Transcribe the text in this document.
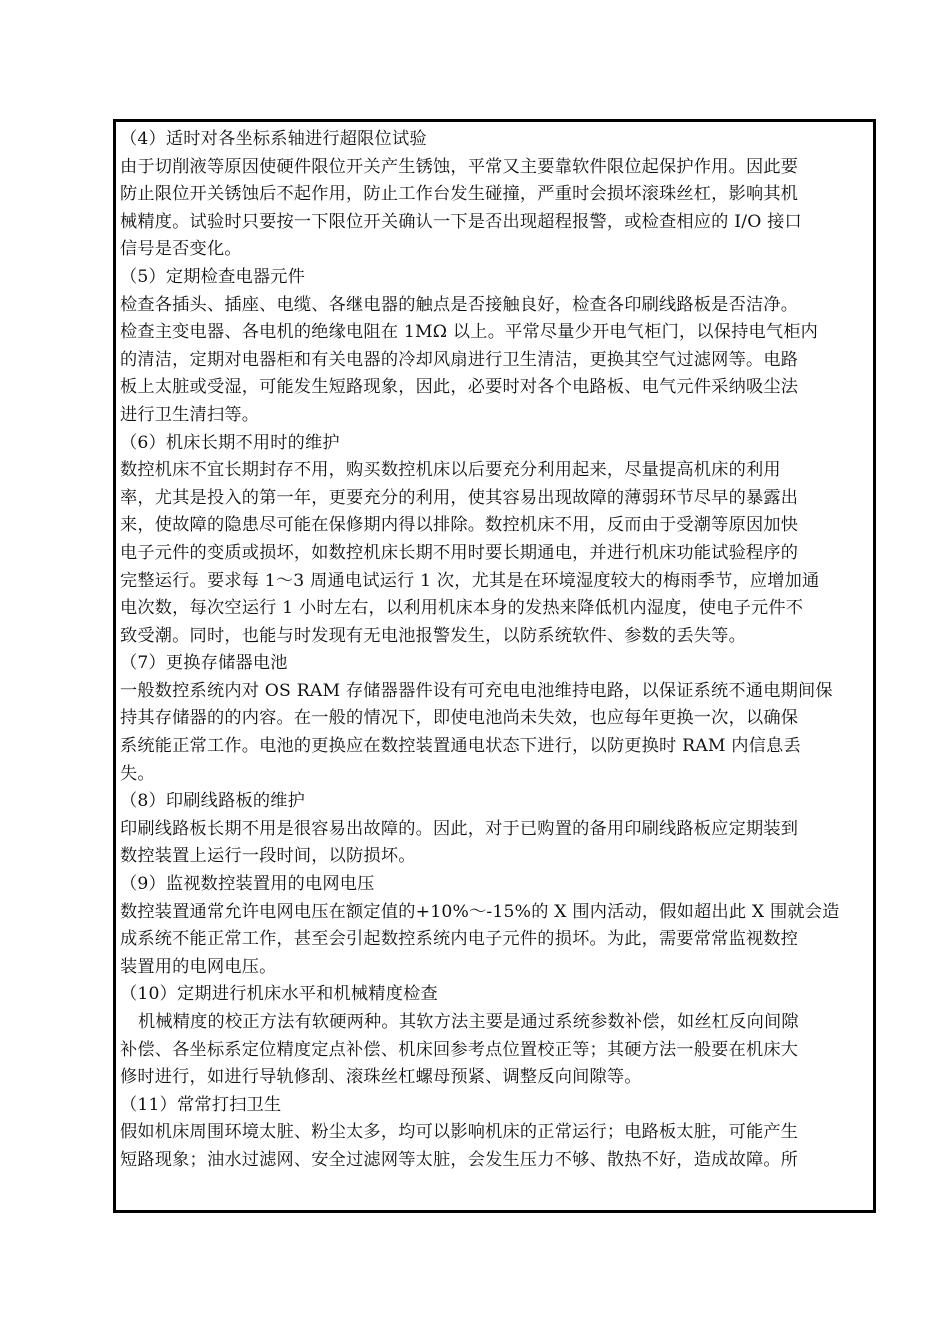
（4）适时对各坐标系轴进行超限位试验
由于切削液等原因使硬件限位开关产生锈蚀，平常又主要靠软件限位起保护作用。因此要
防止限位开关锈蚀后不起作用，防止工作台发生碰撞，严重时会损坏滚珠丝杠，影响其机
械精度。试验时只要按一下限位开关确认一下是否出现超程报警，或检查相应的 I/O 接口
信号是否变化。
（5）定期检查电器元件
检查各插头、插座、电缆、各继电器的触点是否接触良好，检查各印刷线路板是否洁净。
检查主变电器、各电机的绝缘电阻在 1MΩ 以上。平常尽量少开电气柜门，以保持电气柜内
的清洁，定期对电器柜和有关电器的冷却风扇进行卫生清洁，更换其空气过滤网等。电路
板上太脏或受湿，可能发生短路现象，因此，必要时对各个电路板、电气元件采纳吸尘法
进行卫生清扫等。
（6）机床长期不用时的维护
数控机床不宜长期封存不用，购买数控机床以后要充分利用起来，尽量提高机床的利用
率，尤其是投入的第一年，更要充分的利用，使其容易出现故障的薄弱环节尽早的暴露出
来，使故障的隐患尽可能在保修期内得以排除。数控机床不用，反而由于受潮等原因加快
电子元件的变质或损坏，如数控机床长期不用时要长期通电，并进行机床功能试验程序的
完整运行。要求每 1～3 周通电试运行 1 次，尤其是在环境湿度较大的梅雨季节，应增加通
电次数，每次空运行 1 小时左右，以利用机床本身的发热来降低机内湿度，使电子元件不
致受潮。同时，也能与时发现有无电池报警发生，以防系统软件、参数的丢失等。
（7）更换存储器电池
一般数控系统内对 OS RAM 存储器器件设有可充电电池维持电路，以保证系统不通电期间保
持其存储器的的内容。在一般的情况下，即使电池尚未失效，也应每年更换一次，以确保
系统能正常工作。电池的更换应在数控装置通电状态下进行，以防更换时 RAM 内信息丢
失。
（8）印刷线路板的维护
印刷线路板长期不用是很容易出故障的。因此，对于已购置的备用印刷线路板应定期装到
数控装置上运行一段时间，以防损坏。
（9）监视数控装置用的电网电压
数控装置通常允许电网电压在额定值的+10%～-15%的 X 围内活动，假如超出此 X 围就会造
成系统不能正常工作，甚至会引起数控系统内电子元件的损坏。为此，需要常常监视数控
装置用的电网电压。
（10）定期进行机床水平和机械精度检查
机械精度的校正方法有软硬两种。其软方法主要是通过系统参数补偿，如丝杠反向间隙
补偿、各坐标系定位精度定点补偿、机床回参考点位置校正等；其硬方法一般要在机床大
修时进行，如进行导轨修刮、滚珠丝杠螺母预紧、调整反向间隙等。
（11）常常打扫卫生
假如机床周围环境太脏、粉尘太多，均可以影响机床的正常运行；电路板太脏，可能产生
短路现象；油水过滤网、安全过滤网等太脏，会发生压力不够、散热不好，造成故障。所
